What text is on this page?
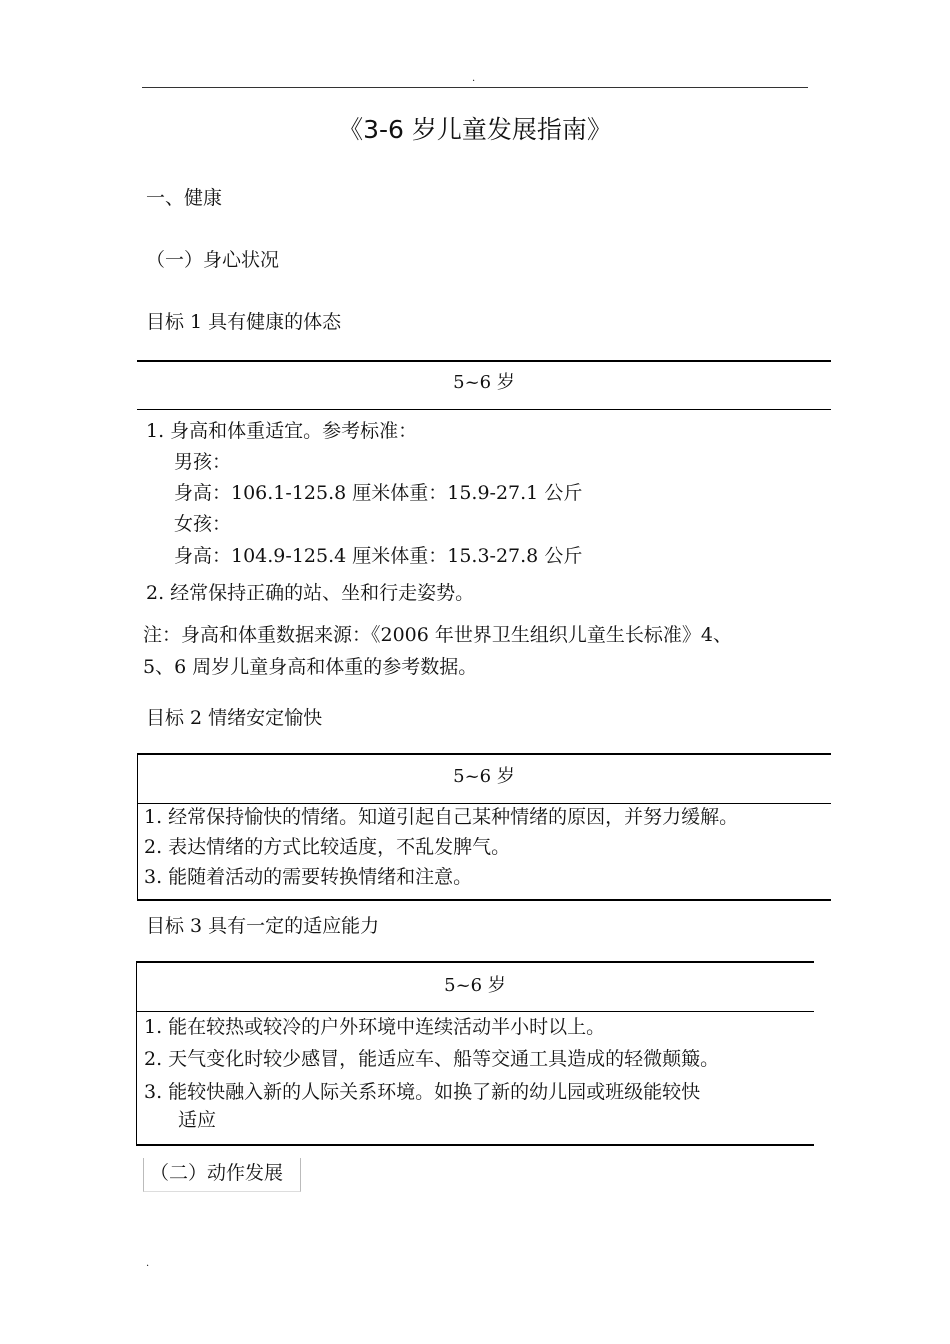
.
《3-6 岁儿童发展指南》
一、健康
（一）身心状况
目标 1 具有健康的体态
5~6 岁
1. 身高和体重适宜。参考标准：
男孩：
身高：106.1-125.8 厘米体重：15.9-27.1 公斤
女孩：
身高：104.9-125.4 厘米体重：15.3-27.8 公斤
2. 经常保持正确的站、坐和行走姿势。
注：身高和体重数据来源：《2006 年世界卫生组织儿童生长标准》4、
5、6 周岁儿童身高和体重的参考数据。
目标 2 情绪安定愉快
5~6 岁
1. 经常保持愉快的情绪。知道引起自己某种情绪的原因，并努力缓解。
2. 表达情绪的方式比较适度，不乱发脾气。
3. 能随着活动的需要转换情绪和注意。
目标 3 具有一定的适应能力
5~6 岁
1. 能在较热或较冷的户外环境中连续活动半小时以上。
2. 天气变化时较少感冒，能适应车、船等交通工具造成的轻微颠簸。
3. 能较快融入新的人际关系环境。如换了新的幼儿园或班级能较快
适应
（二）动作发展
.
